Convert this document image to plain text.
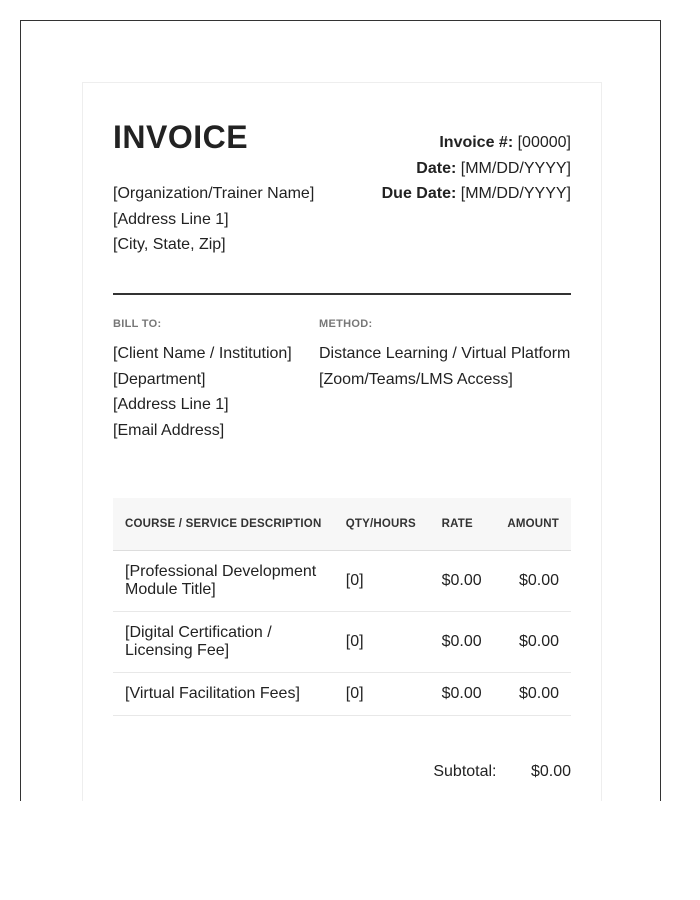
INVOICE
[Organization/Trainer Name]
[Address Line 1]
[City, State, Zip]
Invoice #: [00000]
Date: [MM/DD/YYYY]
Due Date: [MM/DD/YYYY]
BILL TO:
[Client Name / Institution]
[Department]
[Address Line 1]
[Email Address]
METHOD:
Distance Learning / Virtual Platform
[Zoom/Teams/LMS Access]
COURSE / SERVICE DESCRIPTION	QTY/HOURS	RATE	AMOUNT
[Professional Development Module Title]	[0]	$0.00	$0.00
[Digital Certification / Licensing Fee]	[0]	$0.00	$0.00
[Virtual Facilitation Fees]	[0]	$0.00	$0.00
Subtotal: $0.00
